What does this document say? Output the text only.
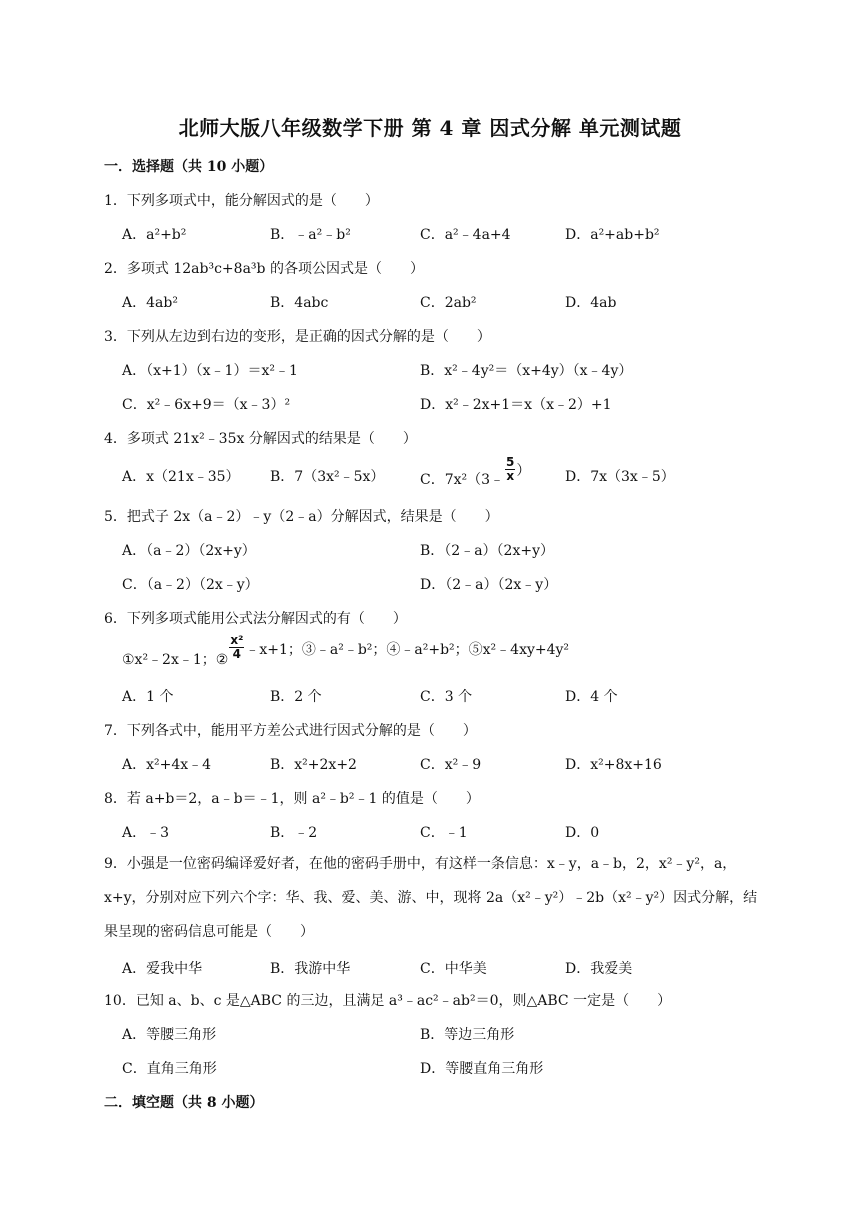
北师大版八年级数学下册 第 4 章 因式分解 单元测试题
一．选择题（共 10 小题）
1．下列多项式中，能分解因式的是（　　）
A．a²+b²	B．﹣a²﹣b²	C．a²﹣4a+4	D．a²+ab+b²
2．多项式 12ab³c+8a³b 的各项公因式是（　　）
A．4ab²	B．4abc	C．2ab²	D．4ab
3．下列从左边到右边的变形，是正确的因式分解的是（　　）
A．（x+1）（x﹣1）＝x²﹣1	B．x²﹣4y²＝（x+4y）（x﹣4y）
C．x²﹣6x+9＝（x﹣3）²	D．x²﹣2x+1＝x（x﹣2）+1
4．多项式 21x²﹣35x 分解因式的结果是（　　）
A．x（21x﹣35） B．7（3x²﹣5x）	C．7x²（3﹣ $\frac{5}{x}$ ） D．7x（3x﹣5）
5．把式子 2x（a﹣2）﹣y（2﹣a）分解因式，结果是（　　）
A．（a﹣2）（2x+y）	B．（2﹣a）（2x+y）
C．（a﹣2）（2x﹣y）	D．（2﹣a）（2x﹣y）
6．下列多项式能用公式法分解因式的有（　　）
①x²﹣2x﹣1；② $\frac{\text{x²}}{4}$ ﹣x+1；③﹣a²﹣b²；④﹣a²+b²；⑤x²﹣4xy+4y²
A．1 个	B．2 个	C．3 个	D．4 个
7．下列各式中，能用平方差公式进行因式分解的是（　　）
A．x²+4x﹣4	B．x²+2x+2	C．x²﹣9	D．x²+8x+16
8．若 a+b＝2，a﹣b＝﹣1，则 a²﹣b²﹣1 的值是（　　）
A．﹣3	B．﹣2	C．﹣1	D．0
9．小强是一位密码编译爱好者，在他的密码手册中，有这样一条信息：x﹣y，a﹣b，2，x²﹣y²，a，x+y，分别对应下列六个字：华、我、爱、美、游、中，现将 2a（x²﹣y²）﹣2b（x²﹣y²）因式分解，结果呈现的密码信息可能是（　　）
A．爱我中华	B．我游中华	C．中华美	D．我爱美
10．已知 a、b、c 是△ABC 的三边，且满足 a³﹣ac²﹣ab²＝0，则△ABC 一定是（　　）
A．等腰三角形	B．等边三角形
C．直角三角形	D．等腰直角三角形
二．填空题（共 8 小题）
